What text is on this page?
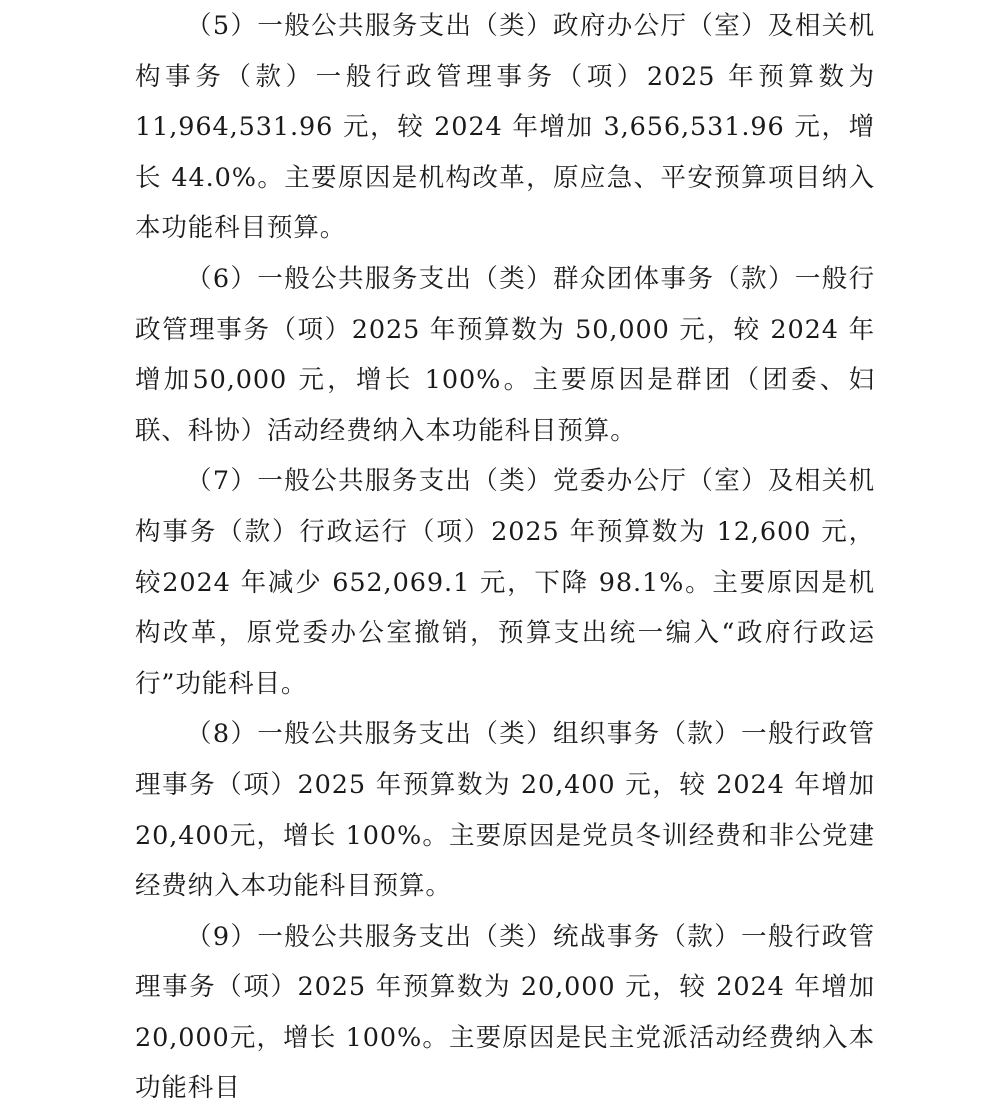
（5）一般公共服务支出（类）政府办公厅（室）及相关机构事务（款）一般行政管理事务（项）2025 年预算数为11,964,531.96 元，较 2024 年增加 3,656,531.96 元，增长 44.0%。主要原因是机构改革，原应急、平安预算项目纳入本功能科目预算。

（6）一般公共服务支出（类）群众团体事务（款）一般行政管理事务（项）2025 年预算数为 50,000 元，较 2024 年增加50,000 元，增长 100%。主要原因是群团（团委、妇联、科协）活动经费纳入本功能科目预算。

（7）一般公共服务支出（类）党委办公厅（室）及相关机构事务（款）行政运行（项）2025 年预算数为 12,600 元，较2024 年减少 652,069.1 元，下降 98.1%。主要原因是机构改革，原党委办公室撤销，预算支出统一编入“政府行政运行”功能科目。

（8）一般公共服务支出（类）组织事务（款）一般行政管理事务（项）2025 年预算数为 20,400 元，较 2024 年增加 20,400元，增长 100%。主要原因是党员冬训经费和非公党建经费纳入本功能科目预算。

（9）一般公共服务支出（类）统战事务（款）一般行政管理事务（项）2025 年预算数为 20,000 元，较 2024 年增加 20,000元，增长 100%。主要原因是民主党派活动经费纳入本功能科目
